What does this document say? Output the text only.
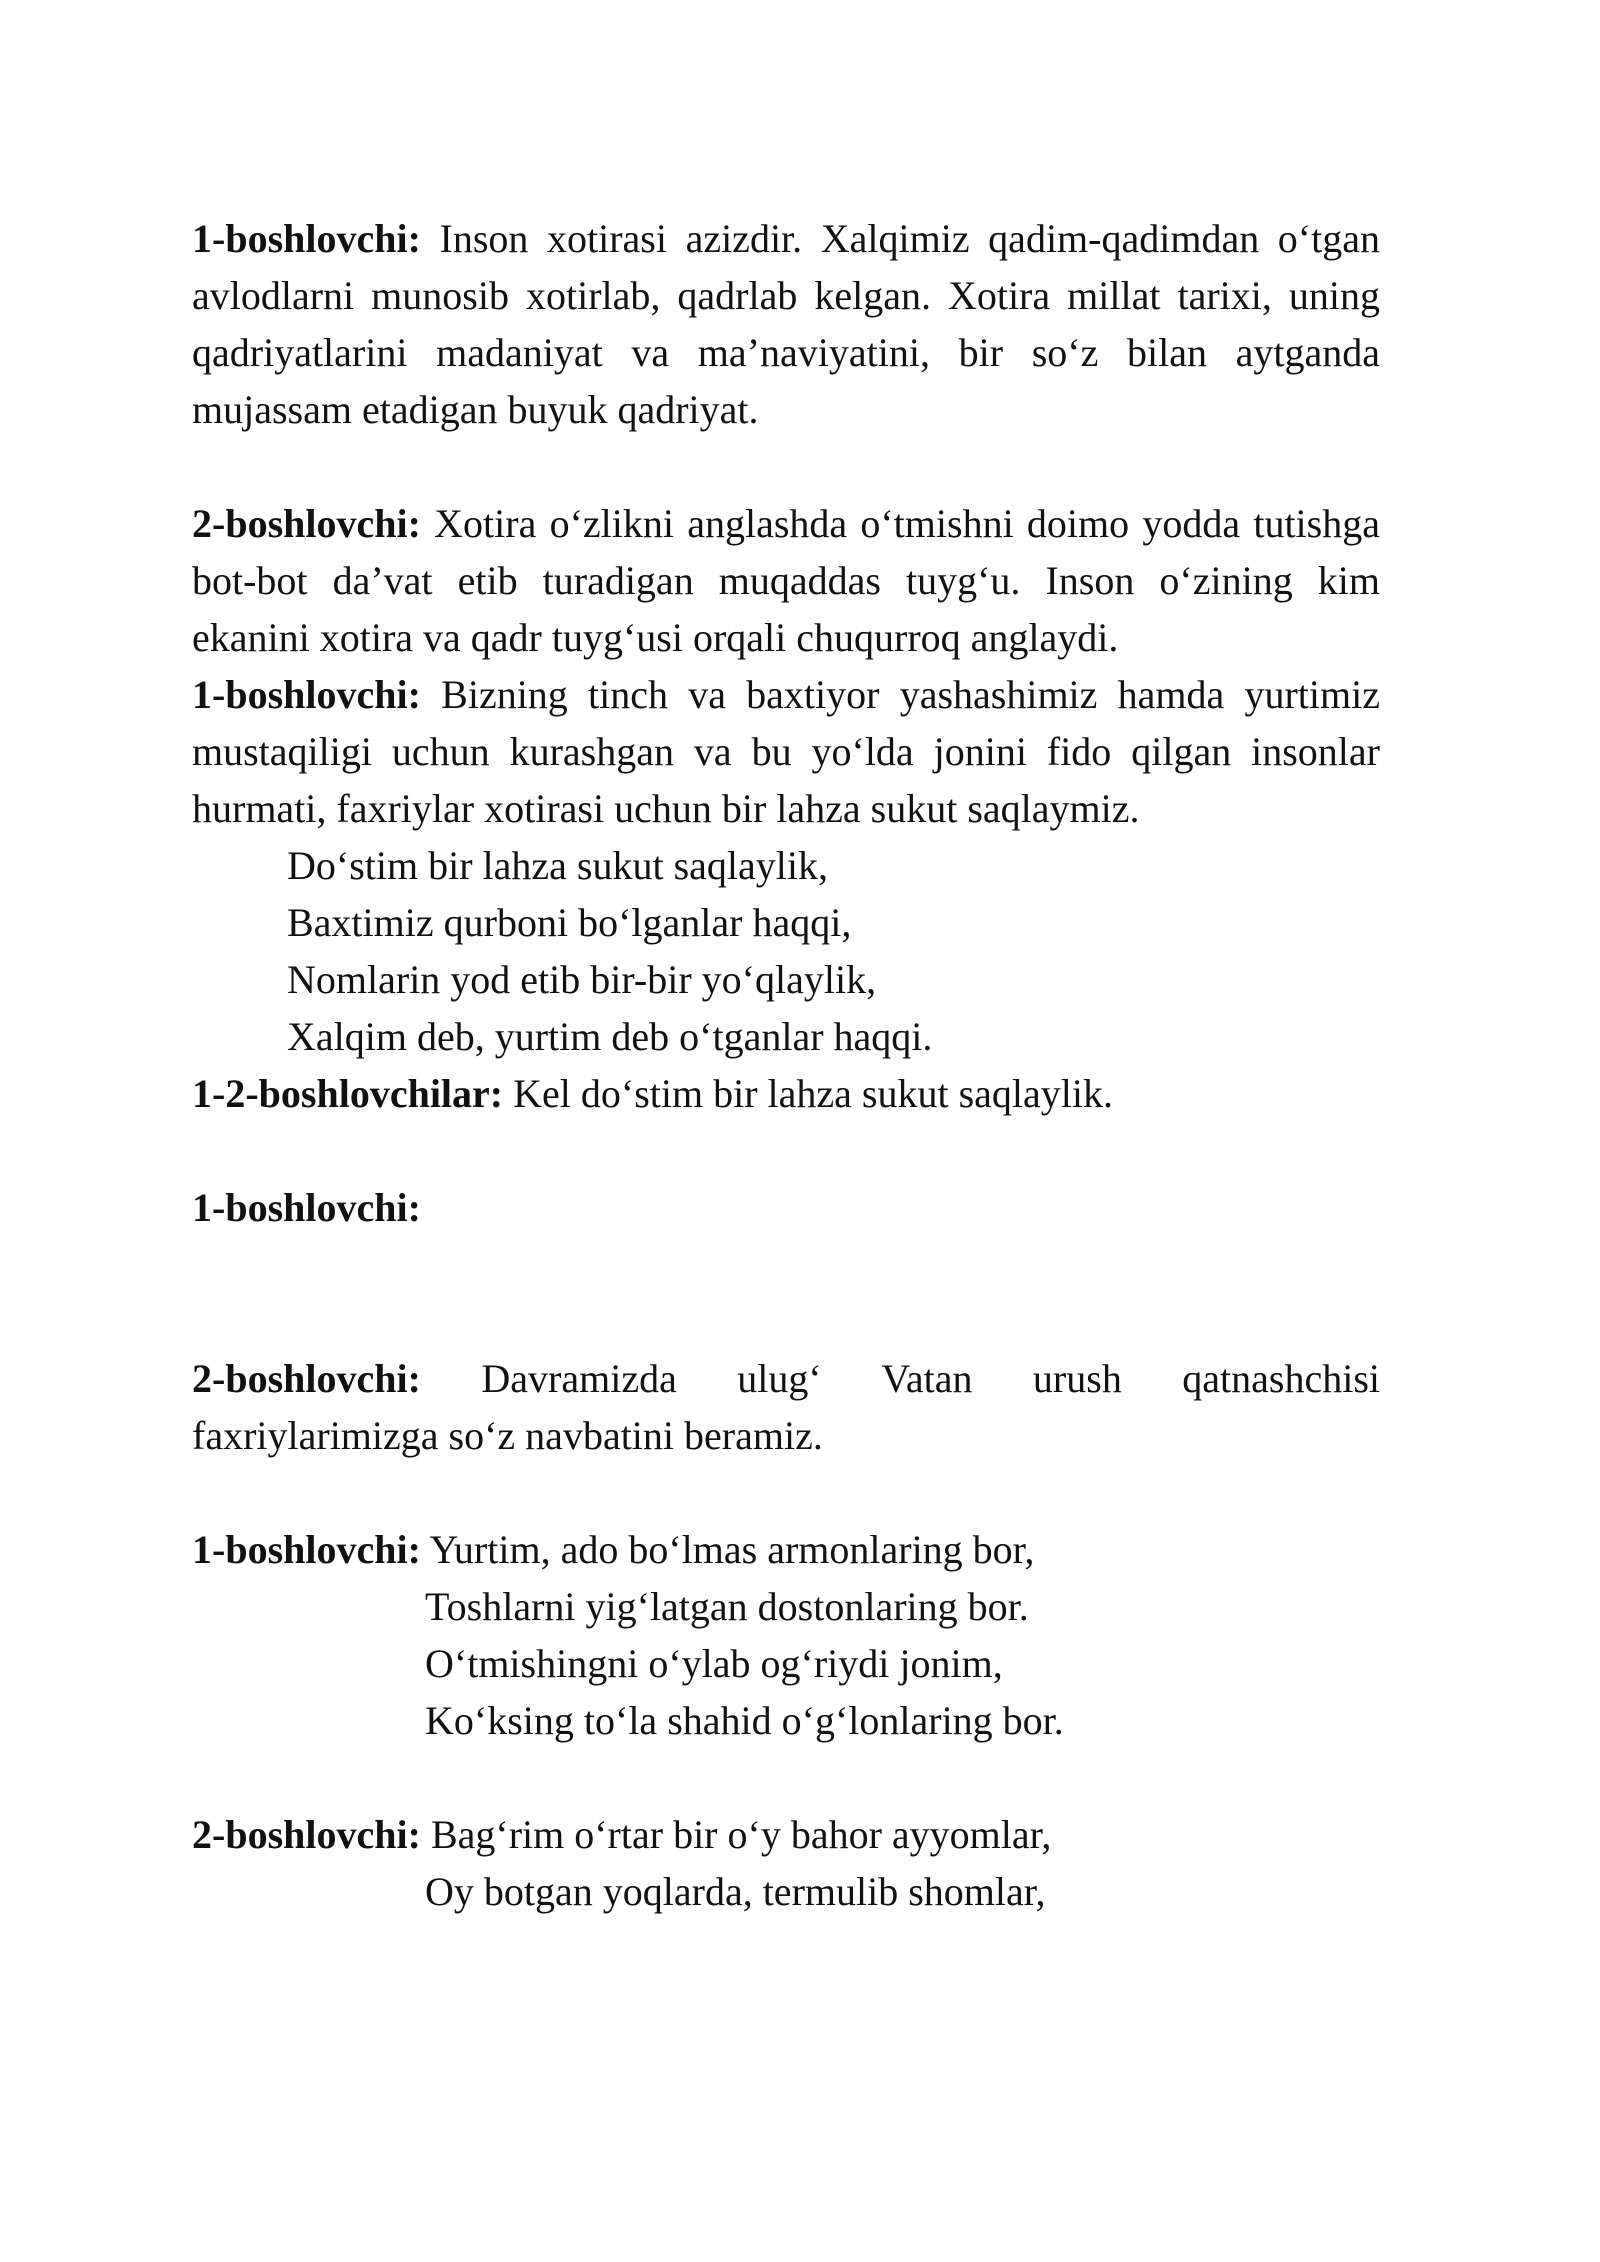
1-boshlovchi: Inson xotirasi azizdir. Xalqimiz qadim-qadimdan o‘tgan avlodlarni munosib xotirlab, qadrlab kelgan. Xotira millat tarixi, uning qadriyatlarini madaniyat va ma’naviyatini, bir so‘z bilan aytganda mujassam etadigan buyuk qadriyat.

2-boshlovchi: Xotira o‘zlikni anglashda o‘tmishni doimo yodda tutishga bot-bot da’vat etib turadigan muqaddas tuyg‘u. Inson o‘zining kim ekanini xotira va qadr tuyg‘usi orqali chuqurroq anglaydi.

1-boshlovchi: Bizning tinch va baxtiyor yashashimiz hamda yurtimiz mustaqiligi uchun kurashgan va bu yo‘lda jonini fido qilgan insonlar hurmati, faxriylar xotirasi uchun bir lahza sukut saqlaymiz.

Do‘stim bir lahza sukut saqlaylik,

Baxtimiz qurboni bo‘lganlar haqqi,

Nomlarin yod etib bir-bir yo‘qlaylik,

Xalqim deb, yurtim deb o‘tganlar haqqi.

1-2-boshlovchilar: Kel do‘stim bir lahza sukut saqlaylik.

1-boshlovchi:

2-boshlovchi: Davramizda ulug‘ Vatan urush qatnashchisi faxriylarimizga so‘z navbatini beramiz.

1-boshlovchi: Yurtim, ado bo‘lmas armonlaring bor,

Toshlarni yig‘latgan dostonlaring bor.

O‘tmishingni o‘ylab og‘riydi jonim,

Ko‘ksing to‘la shahid o‘g‘lonlaring bor.

2-boshlovchi: Bag‘rim o‘rtar bir o‘y bahor ayyomlar,

Oy botgan yoqlarda, termulib shomlar,
